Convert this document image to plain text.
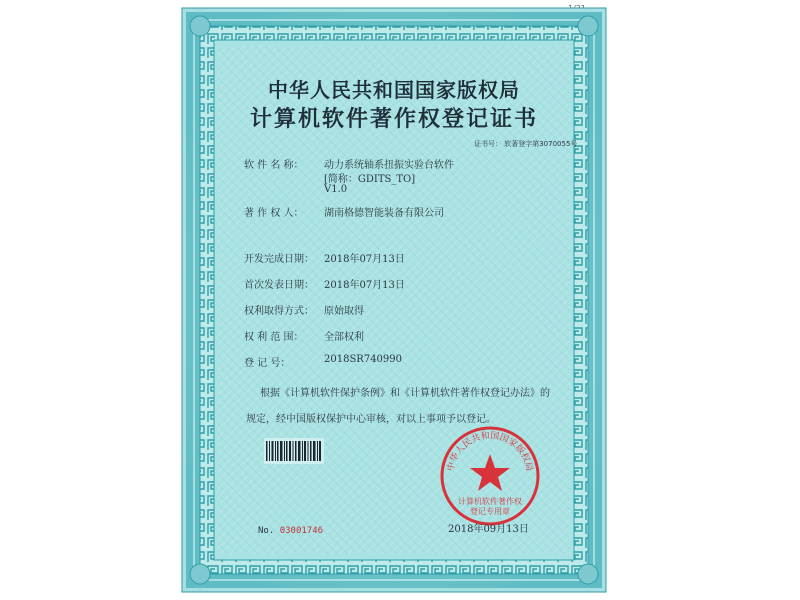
中华人民共和国国家版权局
计算机软件著作权登记证书
证书号： 软著登字第3070055号
软 件 名 称：	动力系统轴系扭振实验台软件
[简称：GDITS_TO]
V1.0
著 作 权 人：	湖南格德智能装备有限公司
开发完成日期：	2018年07月13日
首次发表日期：	2018年07月13日
权利取得方式：	原始取得
权 利 范 围：	全部权利
登 记 号：	2018SR740990
根据《计算机软件保护条例》和《计算机软件著作权登记办法》的
规定，经中国版权保护中心审核，对以上事项予以登记。
中华人民共和国国家版权局
计算机软件著作权
登记专用章
No. 03001746	2018年09月13日
